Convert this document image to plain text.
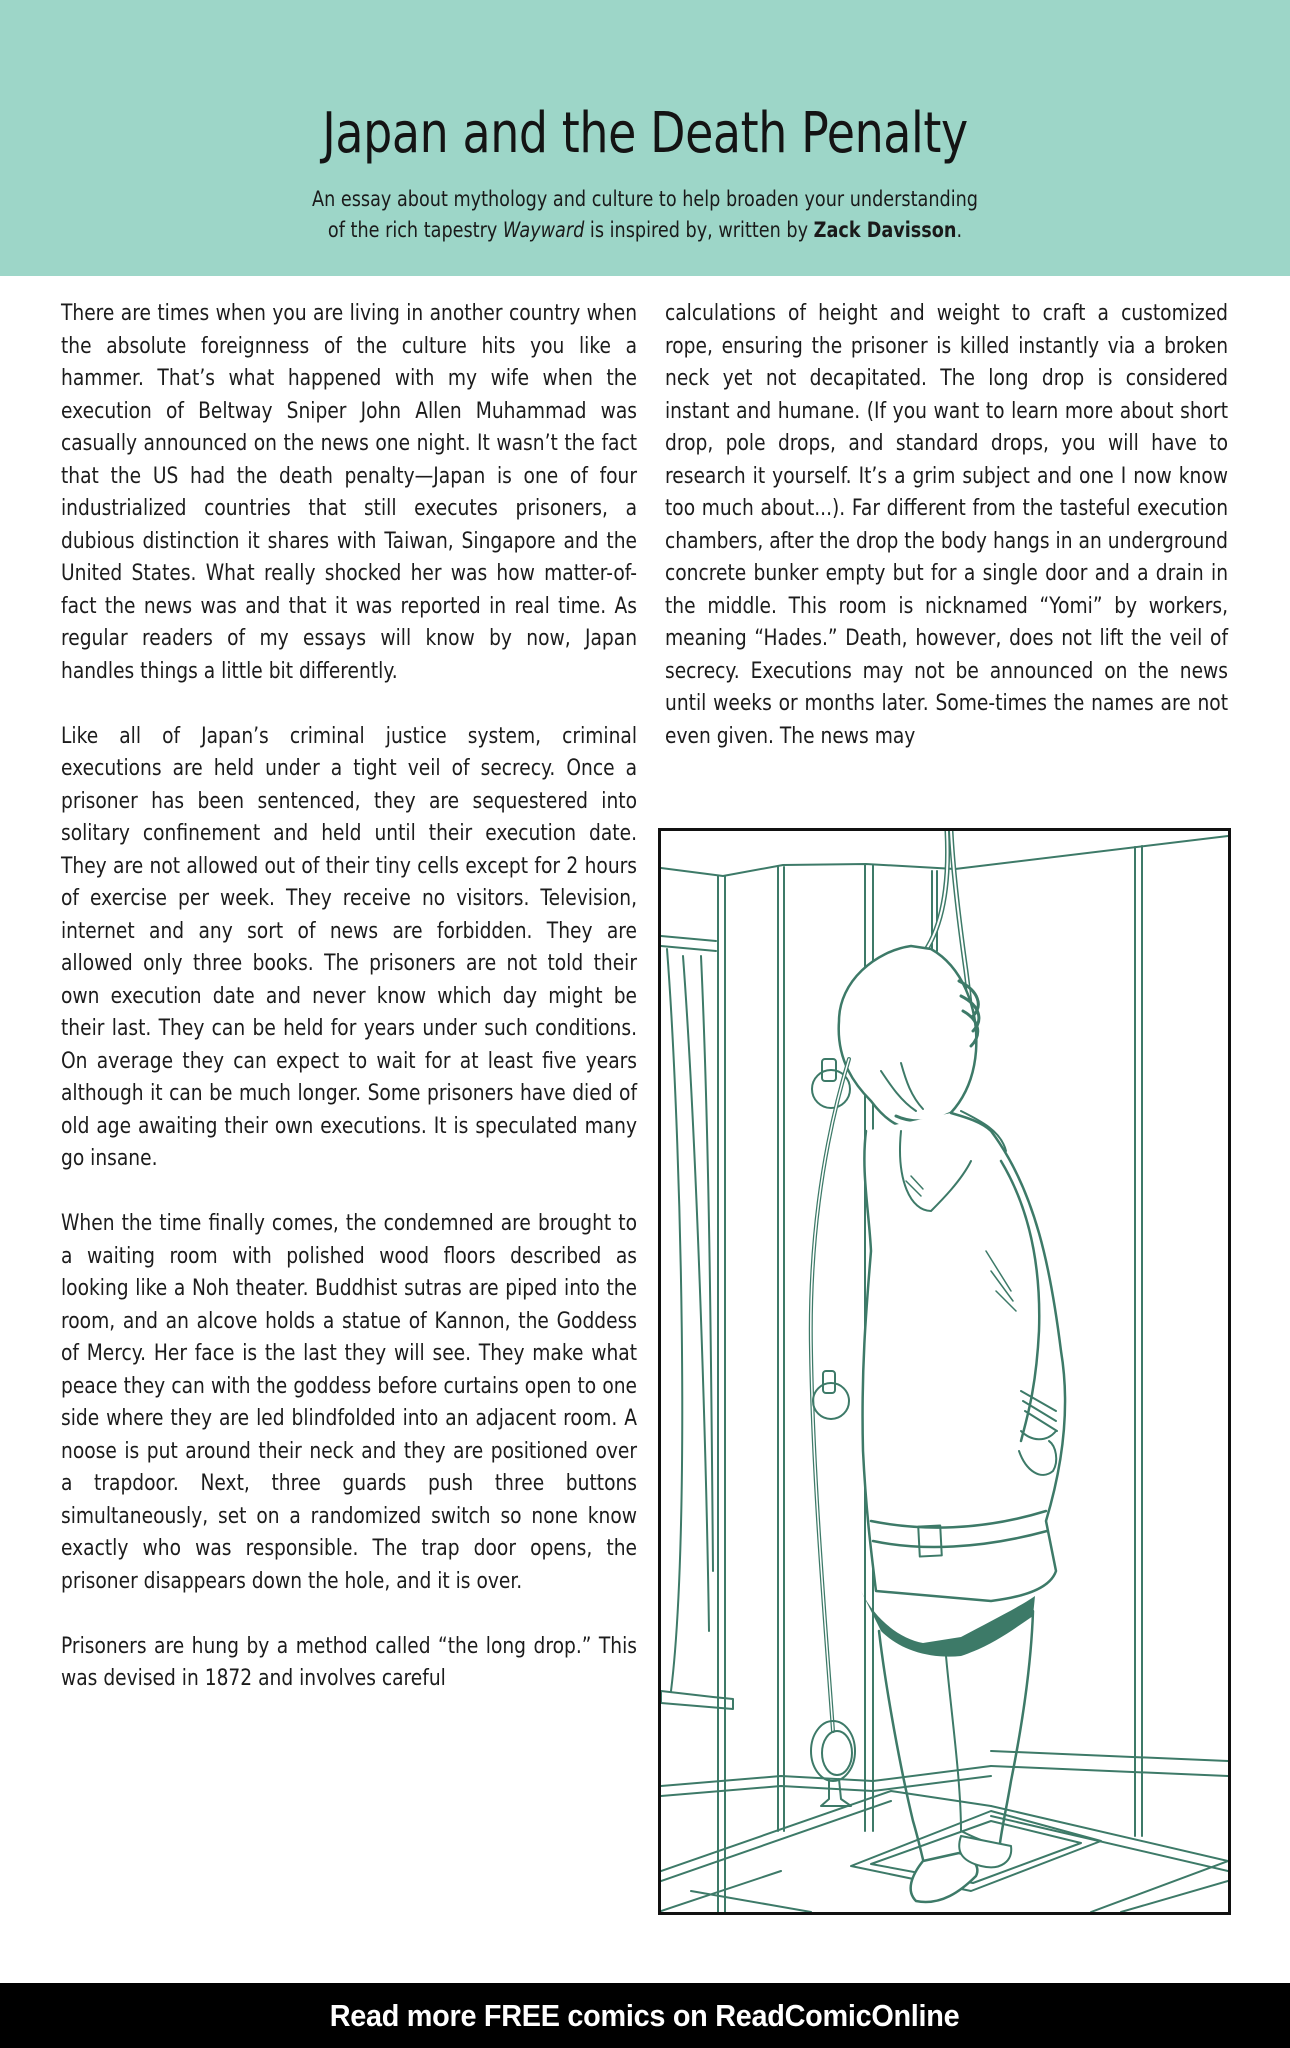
Japan and the Death Penalty
An essay about mythology and culture to help broaden your understanding
of the rich tapestry Wayward is inspired by, written by Zack Davisson.

There are times when you are living in another country when the absolute foreignness of the culture hits you like a hammer. That’s what happened with my wife when the execution of Beltway Sniper John Allen Muhammad was casually announced on the news one night. It wasn’t the fact that the US had the death penalty—Japan is one of four industrialized countries that still executes prisoners, a dubious distinction it shares with Taiwan, Singapore and the United States. What really shocked her was how matter-of-fact the news was and that it was reported in real time. As regular readers of my essays will know by now, Japan handles things a little bit differently.

Like all of Japan’s criminal justice system, criminal executions are held under a tight veil of secrecy. Once a prisoner has been sentenced, they are sequestered into solitary confinement and held until their execution date. They are not allowed out of their tiny cells except for 2 hours of exercise per week. They receive no visitors. Television, internet and any sort of news are forbidden. They are allowed only three books. The prisoners are not told their own execution date and never know which day might be their last. They can be held for years under such conditions. On average they can expect to wait for at least five years although it can be much longer. Some prisoners have died of old age awaiting their own executions. It is speculated many go insane.

When the time finally comes, the condemned are brought to a waiting room with polished wood floors described as looking like a Noh theater. Buddhist sutras are piped into the room, and an alcove holds a statue of Kannon, the Goddess of Mercy. Her face is the last they will see. They make what peace they can with the goddess before curtains open to one side where they are led blindfolded into an adjacent room. A noose is put around their neck and they are positioned over a trapdoor. Next, three guards push three buttons simultaneously, set on a randomized switch so none know exactly who was responsible. The trap door opens, the prisoner disappears down the hole, and it is over.

Prisoners are hung by a method called “the long drop.” This was devised in 1872 and involves careful

calculations of height and weight to craft a customized rope, ensuring the prisoner is killed instantly via a broken neck yet not decapitated. The long drop is considered instant and humane. (If you want to learn more about short drop, pole drops, and standard drops, you will have to research it yourself. It’s a grim subject and one I now know too much about...). Far different from the tasteful execution chambers, after the drop the body hangs in an underground concrete bunker empty but for a single door and a drain in the middle. This room is nicknamed “Yomi” by workers, meaning “Hades.” Death, however, does not lift the veil of secrecy. Executions may not be announced on the news until weeks or months later. Some-times the names are not even given. The news may

Read more FREE comics on ReadComicOnline
